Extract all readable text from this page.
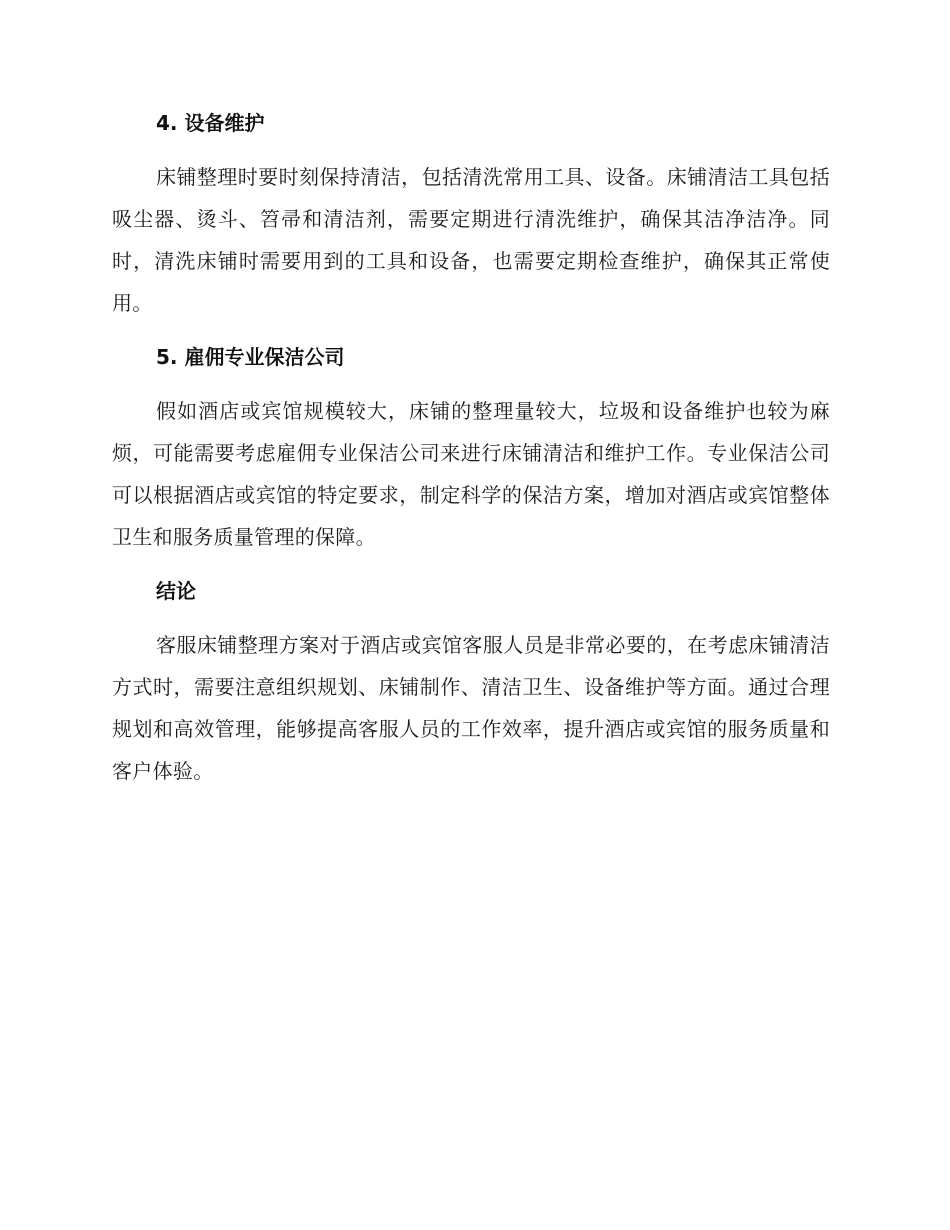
4. 设备维护

床铺整理时要时刻保持清洁，包括清洗常用工具、设备。床铺清洁工具包括吸尘器、烫斗、笤帚和清洁剂，需要定期进行清洗维护，确保其洁净洁净。同时，清洗床铺时需要用到的工具和设备，也需要定期检查维护，确保其正常使用。

5. 雇佣专业保洁公司

假如酒店或宾馆规模较大，床铺的整理量较大，垃圾和设备维护也较为麻烦，可能需要考虑雇佣专业保洁公司来进行床铺清洁和维护工作。专业保洁公司可以根据酒店或宾馆的特定要求，制定科学的保洁方案，增加对酒店或宾馆整体卫生和服务质量管理的保障。

结论

客服床铺整理方案对于酒店或宾馆客服人员是非常必要的，在考虑床铺清洁方式时，需要注意组织规划、床铺制作、清洁卫生、设备维护等方面。通过合理规划和高效管理，能够提高客服人员的工作效率，提升酒店或宾馆的服务质量和客户体验。
